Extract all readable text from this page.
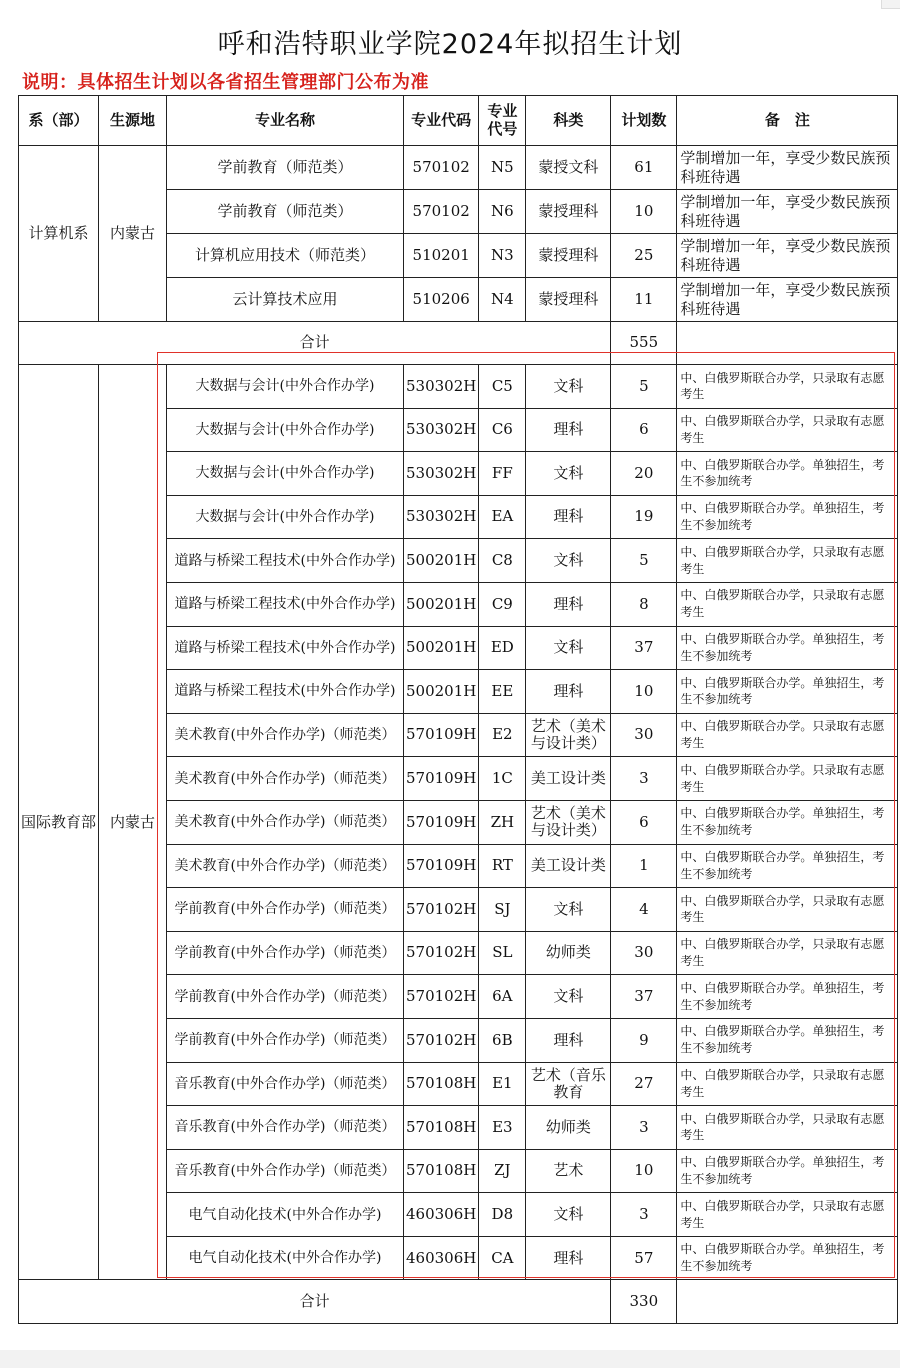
呼和浩特职业学院2024年拟招生计划
说明：具体招生计划以各省招生管理部门公布为准
系（部）	生源地	专业名称	专业代码	专业代号	科类	计划数	备　注
计算机系	内蒙古	学前教育（师范类）	570102	N5	蒙授文科	61	学制增加一年，享受少数民族预科班待遇
		学前教育（师范类）	570102	N6	蒙授理科	10	学制增加一年，享受少数民族预科班待遇
		计算机应用技术（师范类）	510201	N3	蒙授理科	25	学制增加一年，享受少数民族预科班待遇
		云计算技术应用	510206	N4	蒙授理科	11	学制增加一年，享受少数民族预科班待遇
合计						555	
国际教育部	内蒙古	大数据与会计(中外合作办学)	530302H	C5	文科	5	中、白俄罗斯联合办学，只录取有志愿考生
		大数据与会计(中外合作办学)	530302H	C6	理科	6	中、白俄罗斯联合办学，只录取有志愿考生
		大数据与会计(中外合作办学)	530302H	FF	文科	20	中、白俄罗斯联合办学。单独招生，考生不参加统考
		大数据与会计(中外合作办学)	530302H	EA	理科	19	中、白俄罗斯联合办学。单独招生，考生不参加统考
		道路与桥梁工程技术(中外合作办学)	500201H	C8	文科	5	中、白俄罗斯联合办学，只录取有志愿考生
		道路与桥梁工程技术(中外合作办学)	500201H	C9	理科	8	中、白俄罗斯联合办学，只录取有志愿考生
		道路与桥梁工程技术(中外合作办学)	500201H	ED	文科	37	中、白俄罗斯联合办学。单独招生，考生不参加统考
		道路与桥梁工程技术(中外合作办学)	500201H	EE	理科	10	中、白俄罗斯联合办学。单独招生，考生不参加统考
		美术教育(中外合作办学)（师范类）	570109H	E2	艺术（美术与设计类）	30	中、白俄罗斯联合办学。只录取有志愿考生
		美术教育(中外合作办学)（师范类）	570109H	1C	美工设计类	3	中、白俄罗斯联合办学。只录取有志愿考生
		美术教育(中外合作办学)（师范类）	570109H	ZH	艺术（美术与设计类）	6	中、白俄罗斯联合办学。单独招生，考生不参加统考
		美术教育(中外合作办学)（师范类）	570109H	RT	美工设计类	1	中、白俄罗斯联合办学。单独招生，考生不参加统考
		学前教育(中外合作办学)（师范类）	570102H	SJ	文科	4	中、白俄罗斯联合办学，只录取有志愿考生
		学前教育(中外合作办学)（师范类）	570102H	SL	幼师类	30	中、白俄罗斯联合办学，只录取有志愿考生
		学前教育(中外合作办学)（师范类）	570102H	6A	文科	37	中、白俄罗斯联合办学。单独招生，考生不参加统考
		学前教育(中外合作办学)（师范类）	570102H	6B	理科	9	中、白俄罗斯联合办学。单独招生，考生不参加统考
		音乐教育(中外合作办学)（师范类）	570108H	E1	艺术（音乐教育	27	中、白俄罗斯联合办学，只录取有志愿考生
		音乐教育(中外合作办学)（师范类）	570108H	E3	幼师类	3	中、白俄罗斯联合办学，只录取有志愿考生
		音乐教育(中外合作办学)（师范类）	570108H	ZJ	艺术	10	中、白俄罗斯联合办学。单独招生，考生不参加统考
		电气自动化技术(中外合作办学)	460306H	D8	文科	3	中、白俄罗斯联合办学，只录取有志愿考生
		电气自动化技术(中外合作办学)	460306H	CA	理科	57	中、白俄罗斯联合办学。单独招生，考生不参加统考
合计						330	
